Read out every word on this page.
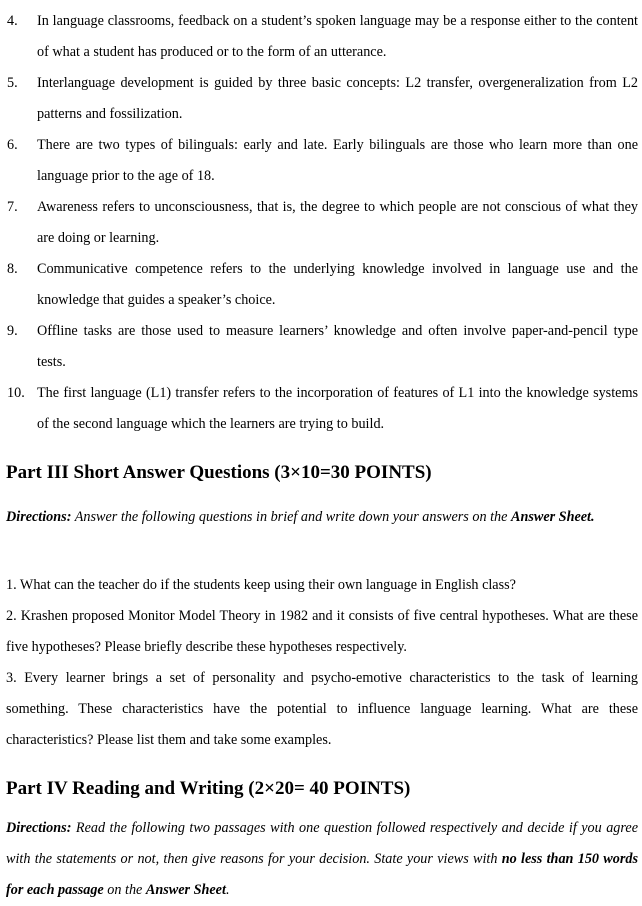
4. In language classrooms, feedback on a student’s spoken language may be a response either to the content of what a student has produced or to the form of an utterance.
5. Interlanguage development is guided by three basic concepts: L2 transfer, overgeneralization from L2 patterns and fossilization.
6. There are two types of bilinguals: early and late. Early bilinguals are those who learn more than one language prior to the age of 18.
7. Awareness refers to unconsciousness, that is, the degree to which people are not conscious of what they are doing or learning.
8. Communicative competence refers to the underlying knowledge involved in language use and the knowledge that guides a speaker’s choice.
9. Offline tasks are those used to measure learners’ knowledge and often involve paper-and-pencil type tests.
10. The first language (L1) transfer refers to the incorporation of features of L1 into the knowledge systems of the second language which the learners are trying to build.
Part III Short Answer Questions (3×10=30 POINTS)
Directions: Answer the following questions in brief and write down your answers on the Answer Sheet.
1. What can the teacher do if the students keep using their own language in English class?
2. Krashen proposed Monitor Model Theory in 1982 and it consists of five central hypotheses. What are these five hypotheses? Please briefly describe these hypotheses respectively.
3. Every learner brings a set of personality and psycho-emotive characteristics to the task of learning something. These characteristics have the potential to influence language learning. What are these characteristics? Please list them and take some examples.
Part IV Reading and Writing (2×20= 40 POINTS)
Directions: Read the following two passages with one question followed respectively and decide if you agree with the statements or not, then give reasons for your decision. State your views with no less than 150 words for each passage on the Answer Sheet.
